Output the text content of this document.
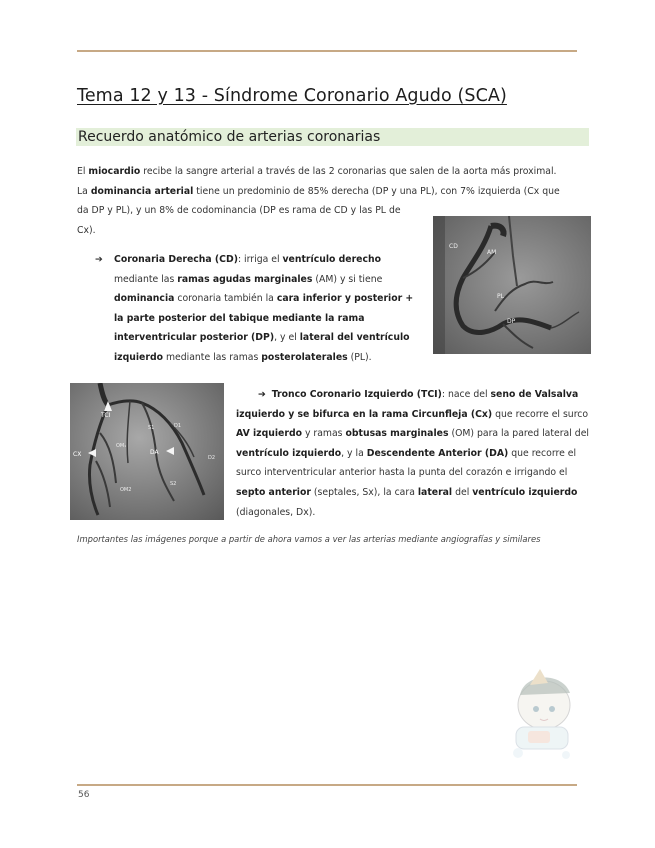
Tema 12 y 13 - Síndrome Coronario Agudo (SCA)
Recuerdo anatómico de arterias coronarias

El miocardio recibe la sangre arterial a través de las 2 coronarias que salen de la aorta más proximal.
La dominancia arterial tiene un predominio de 85% derecha (DP y una PL), con 7% izquierda (Cx que
da DP y PL), y un 8% de codominancia (DP es rama de CD y las PL de
Cx).

CD
AM
PL
DP

➔ Coronaria Derecha (CD): irriga el ventrículo derecho mediante las ramas agudas marginales (AM) y si tiene dominancia coronaria también la cara inferior y posterior + la parte posterior del tabique mediante la rama interventricular posterior (DP), y el lateral del ventrículo izquierdo mediante las ramas posterolaterales (PL).

TCI
CX	DA
OM₁
OM2
S1	D1
S2
D2

➔ Tronco Coronario Izquierdo (TCI): nace del seno de Valsalva izquierdo y se bifurca en la rama Circunfleja (Cx) que recorre el surco AV izquierdo y ramas obtusas marginales (OM) para la pared lateral del ventrículo izquierdo, y la Descendente Anterior (DA) que recorre el surco interventricular anterior hasta la punta del corazón e irrigando el septo anterior (septales, Sx), la cara lateral del ventrículo izquierdo (diagonales, Dx).

Importantes las imágenes porque a partir de ahora vamos a ver las arterias mediante angiografías y similares
56
